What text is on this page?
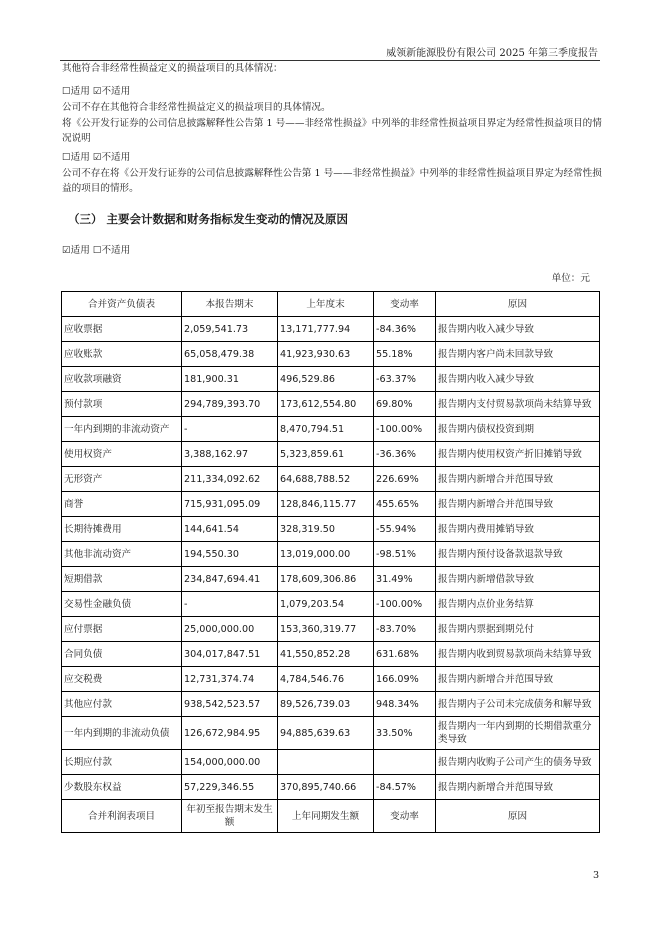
威领新能源股份有限公司 2025 年第三季度报告
其他符合非经常性损益定义的损益项目的具体情况：
☐适用 ☑不适用
公司不存在其他符合非经常性损益定义的损益项目的具体情况。
将《公开发行证券的公司信息披露解释性公告第 1 号——非经常性损益》中列举的非经常性损益项目界定为经常性损益项目的情况说明
☐适用 ☑不适用
公司不存在将《公开发行证券的公司信息披露解释性公告第 1 号——非经常性损益》中列举的非经常性损益项目界定为经常性损益的项目的情形。
（三） 主要会计数据和财务指标发生变动的情况及原因
☑适用 ☐不适用
单位：元
合并资产负债表	本报告期末	上年度末	变动率	原因
应收票据	2,059,541.73	13,171,777.94	-84.36%	报告期内收入减少导致
应收账款	65,058,479.38	41,923,930.63	55.18%	报告期内客户尚未回款导致
应收款项融资	181,900.31	496,529.86	-63.37%	报告期内收入减少导致
预付款项	294,789,393.70	173,612,554.80	69.80%	报告期内支付贸易款项尚未结算导致
一年内到期的非流动资产	-	8,470,794.51	-100.00%	报告期内债权投资到期
使用权资产	3,388,162.97	5,323,859.61	-36.36%	报告期内使用权资产折旧摊销导致
无形资产	211,334,092.62	64,688,788.52	226.69%	报告期内新增合并范围导致
商誉	715,931,095.09	128,846,115.77	455.65%	报告期内新增合并范围导致
长期待摊费用	144,641.54	328,319.50	-55.94%	报告期内费用摊销导致
其他非流动资产	194,550.30	13,019,000.00	-98.51%	报告期内预付设备款退款导致
短期借款	234,847,694.41	178,609,306.86	31.49%	报告期内新增借款导致
交易性金融负债	-	1,079,203.54	-100.00%	报告期内点价业务结算
应付票据	25,000,000.00	153,360,319.77	-83.70%	报告期内票据到期兑付
合同负债	304,017,847.51	41,550,852.28	631.68%	报告期内收到贸易款项尚未结算导致
应交税费	12,731,374.74	4,784,546.76	166.09%	报告期内新增合并范围导致
其他应付款	938,542,523.57	89,526,739.03	948.34%	报告期内子公司未完成债务和解导致
一年内到期的非流动负债	126,672,984.95	94,885,639.63	33.50%	报告期内一年内到期的长期借款重分类导致
长期应付款	154,000,000.00			报告期内收购子公司产生的债务导致
少数股东权益	57,229,346.55	370,895,740.66	-84.57%	报告期内新增合并范围导致
合并利润表项目	年初至报告期末发生额	上年同期发生额	变动率	原因
3
